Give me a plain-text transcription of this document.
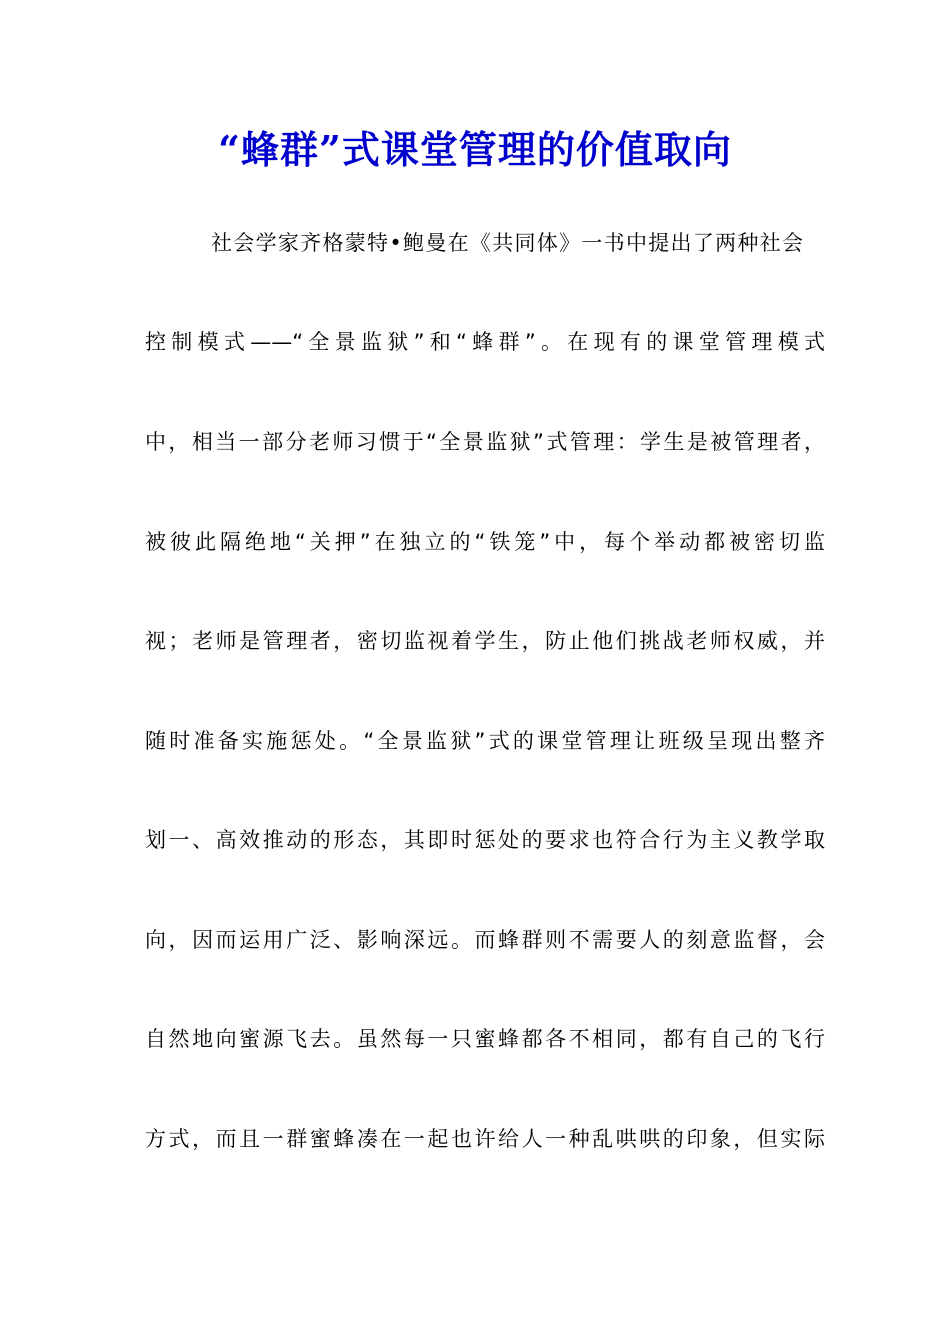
“蜂群”式课堂管理的价值取向
社会学家齐格蒙特•鲍曼在《共同体》一书中提出了两种社会
控制模式——“全景监狱”和“蜂群”。在现有的课堂管理模式
中，相当一部分老师习惯于“全景监狱”式管理：学生是被管理者，
被彼此隔绝地“关押”在独立的“铁笼”中，每个举动都被密切监
视；老师是管理者，密切监视着学生，防止他们挑战老师权威，并
随时准备实施惩处。“全景监狱”式的课堂管理让班级呈现出整齐
划一、高效推动的形态，其即时惩处的要求也符合行为主义教学取
向，因而运用广泛、影响深远。而蜂群则不需要人的刻意监督，会
自然地向蜜源飞去。虽然每一只蜜蜂都各不相同，都有自己的飞行
方式，而且一群蜜蜂凑在一起也许给人一种乱哄哄的印象，但实际
